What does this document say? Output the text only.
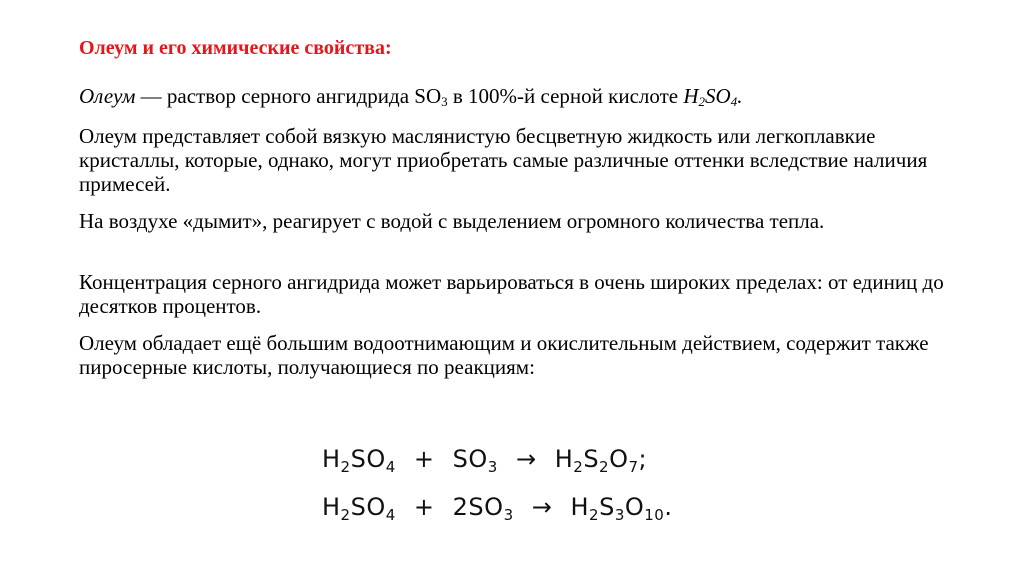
Олеум и его химические свойства:

Олеум — раствор серного ангидрида $SO_3$ в 100%-й серной кислоте $H_2SO_4$.

Олеум представляет собой вязкую маслянистую бесцветную жидкость или легкоплавкие кристаллы, которые, однако, могут приобретать самые различные оттенки вследствие наличия примесей.

На воздухе «дымит», реагирует с водой с выделением огромного количества тепла.

Концентрация серного ангидрида может варьироваться в очень широких пределах: от единиц до десятков процентов.

Олеум обладает ещё большим водоотнимающим и окислительным действием, содержит также пиросерные кислоты, получающиеся по реакциям:

$H_2SO_4 + SO_3 \to H_2S_2O_7$;
$H_2SO_4 + 2SO_3 \to H_2S_3O_{10}$.
